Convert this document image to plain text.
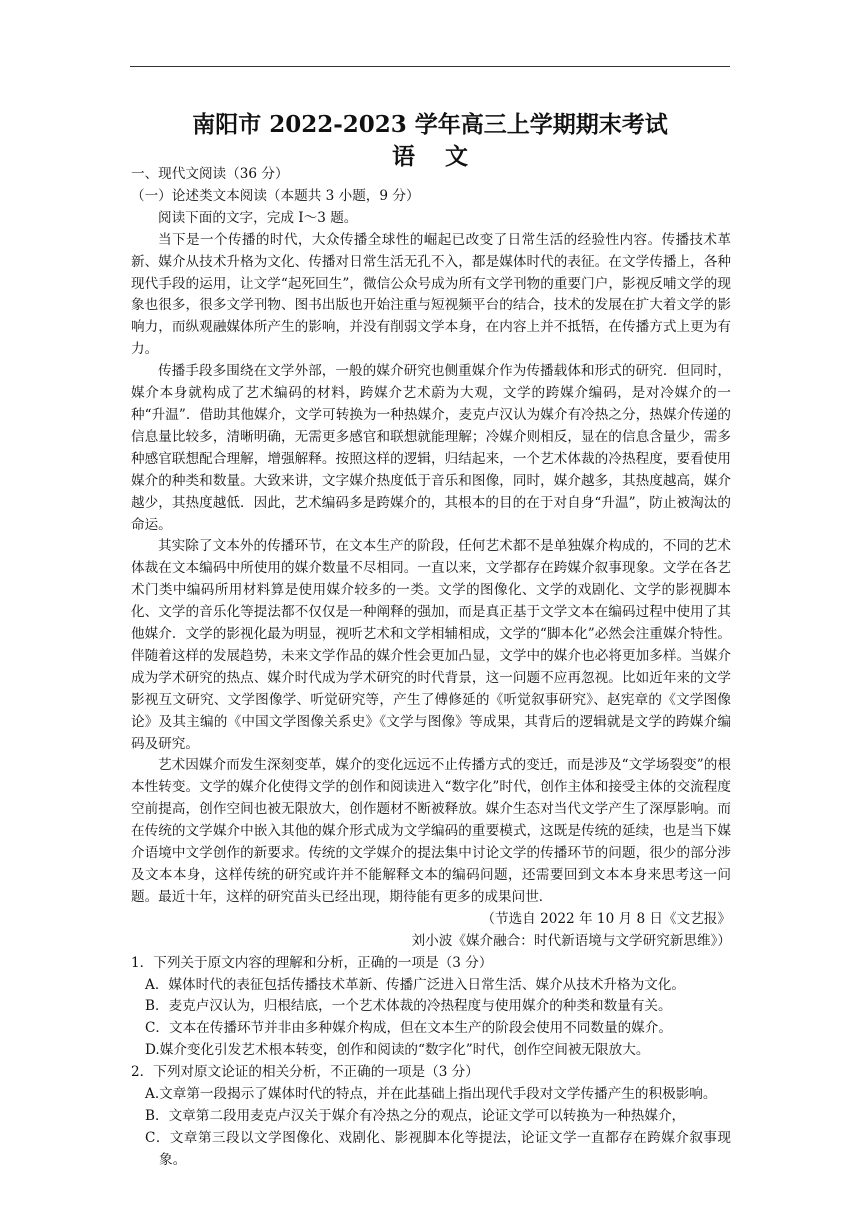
南阳市 2022-2023 学年高三上学期期末考试
语文

一、现代文阅读（36 分）

（一）论述类文本阅读（本题共 3 小题，9 分）

阅读下面的文字，完成 I～3 题。

当下是一个传播的时代，大众传播全球性的崛起已改变了日常生活的经验性内容。传播技术革新、媒介从技术升格为文化、传播对日常生活无孔不入，都是媒体时代的表征。在文学传播上，各种现代手段的运用，让文学“起死回生”，微信公众号成为所有文学刊物的重要门户，影视反哺文学的现象也很多，很多文学刊物、图书出版也开始注重与短视频平台的结合，技术的发展在扩大着文学的影响力，而纵观融媒体所产生的影响，并没有削弱文学本身，在内容上并不抵牾，在传播方式上更为有力。

传播手段多围绕在文学外部，一般的媒介研究也侧重媒介作为传播载体和形式的研究．但同时，媒介本身就构成了艺术编码的材料，跨媒介艺术蔚为大观，文学的跨媒介编码，是对冷媒介的一种“升温”．借助其他媒介，文学可转换为一种热媒介，麦克卢汉认为媒介有冷热之分，热媒介传递的信息量比较多，清晰明确，无需更多感官和联想就能理解；冷媒介则相反，显在的信息含量少，需多种感官联想配合理解，增强解释。按照这样的逻辑，归结起来，一个艺术体裁的冷热程度，要看使用媒介的种类和数量。大致来讲，文字媒介热度低于音乐和图像，同时，媒介越多，其热度越高，媒介越少，其热度越低．因此，艺术编码多是跨媒介的，其根本的目的在于对自身“升温”，防止被淘汰的命运。

其实除了文本外的传播环节，在文本生产的阶段，任何艺术都不是单独媒介构成的，不同的艺术体裁在文本编码中所使用的媒介数量不尽相同。一直以来，文学都存在跨媒介叙事现象。文学在各艺术门类中编码所用材料算是使用媒介较多的一类。文学的图像化、文学的戏剧化、文学的影视脚本化、文学的音乐化等提法都不仅仅是一种阐释的强加，而是真正基于文学文本在编码过程中使用了其他媒介．文学的影视化最为明显，视听艺术和文学相辅相成，文学的“脚本化”必然会注重媒介特性。伴随着这样的发展趋势，未来文学作品的媒介性会更加凸显，文学中的媒介也必将更加多样。当媒介成为学术研究的热点、媒介时代成为学术研究的时代背景，这一问题不应再忽视。比如近年来的文学影视互文研究、文学图像学、听觉研究等，产生了傅修延的《听觉叙事研究》、赵宪章的《文学图像论》及其主编的《中国文学图像关系史》《文学与图像》等成果，其背后的逻辑就是文学的跨媒介编码及研究。

艺术因媒介而发生深刻变革，媒介的变化远远不止传播方式的变迁，而是涉及“文学场裂变”的根本性转变。文学的媒介化使得文学的创作和阅读进入“数字化”时代，创作主体和接受主体的交流程度空前提高，创作空间也被无限放大，创作题材不断被释放。媒介生态对当代文学产生了深厚影响。而在传统的文学媒介中嵌入其他的媒介形式成为文学编码的重要模式，这既是传统的延续，也是当下媒介语境中文学创作的新要求。传统的文学媒介的提法集中讨论文学的传播环节的问题，很少的部分涉及文本本身，这样传统的研究或许并不能解释文本的编码问题，还需要回到文本本身来思考这一问题。最近十年，这样的研究苗头已经出现，期待能有更多的成果问世．

（节选自 2022 年 10 月 8 日《文艺报》

刘小波《媒介融合：时代新语境与文学研究新思维》）

1．下列关于原文内容的理解和分析，正确的一项是（3 分）

A．媒体时代的表征包括传播技术革新、传播广泛进入日常生活、媒介从技术升格为文化。

B．麦克卢汉认为，归根结底，一个艺术体裁的冷热程度与使用媒介的种类和数量有关。

C．文本在传播环节并非由多种媒介构成，但在文本生产的阶段会使用不同数量的媒介。

D.媒介变化引发艺术根本转变，创作和阅读的“数字化”时代，创作空间被无限放大。

2．下列对原文论证的相关分析，不正确的一项是（3 分）

A.文章第一段揭示了媒体时代的特点，并在此基础上指出现代手段对文学传播产生的积极影响。

B．文章第二段用麦克卢汉关于媒介有冷热之分的观点，论证文学可以转换为一种热媒介，

C．文章第三段以文学图像化、戏剧化、影视脚本化等提法，论证文学一直都存在跨媒介叙事现象。
